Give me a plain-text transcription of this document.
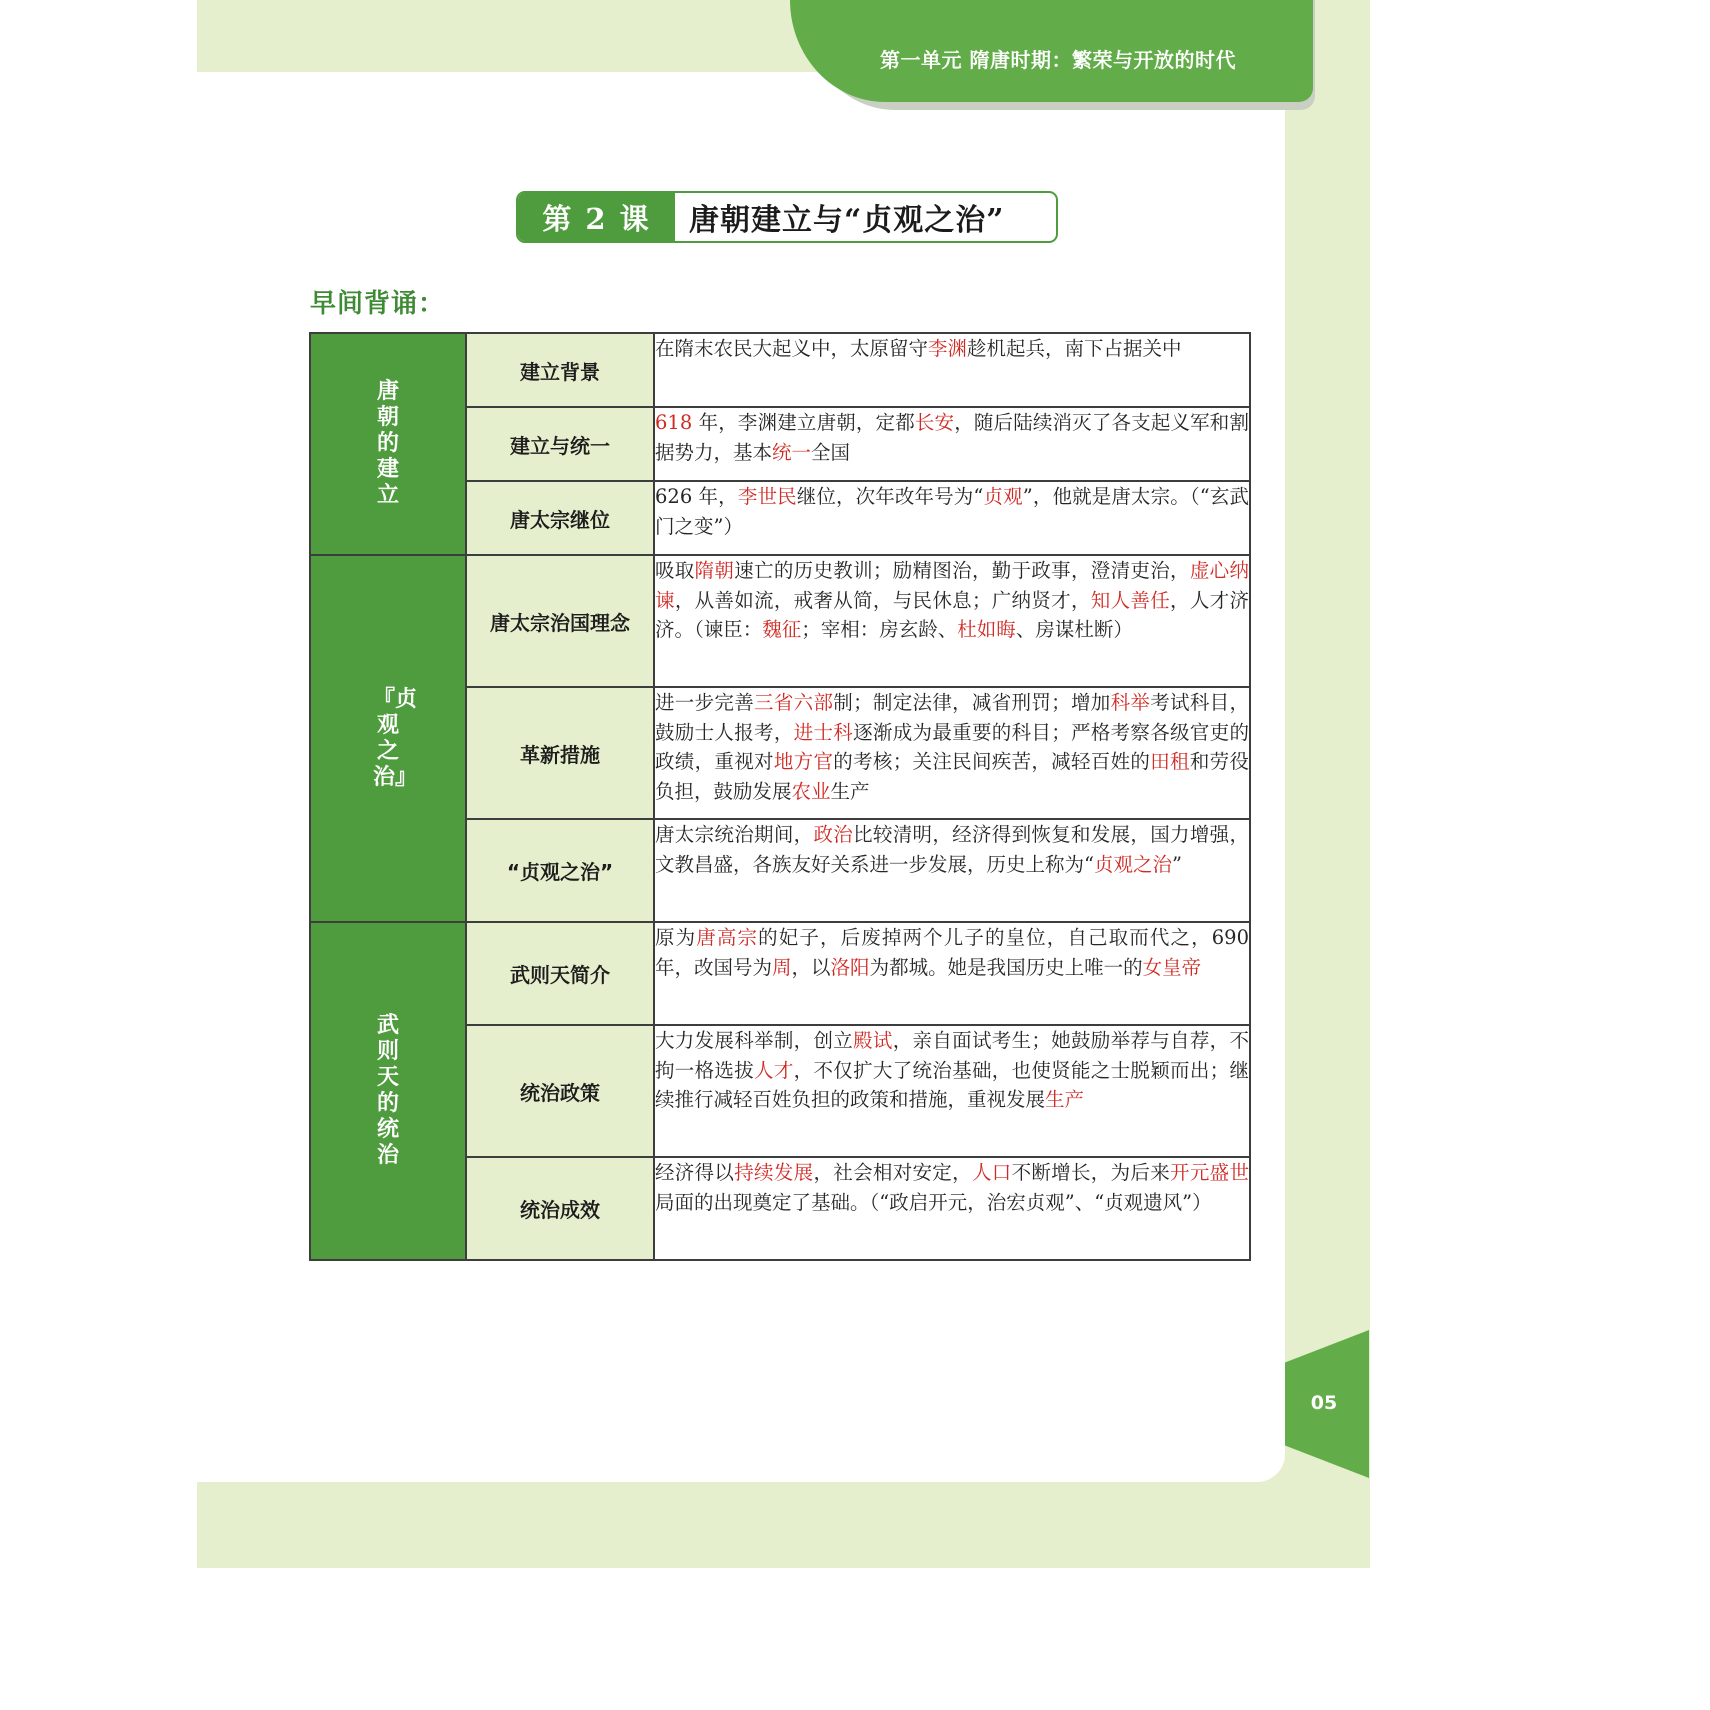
第一单元 隋唐时期：繁荣与开放的时代
第 2 课	唐朝建立与“贞观之治”
早间背诵：
唐朝的建立	建立背景	在隋末农民大起义中，太原留守李渊趁机起兵，南下占据关中
	建立与统一	618 年，李渊建立唐朝，定都长安，随后陆续消灭了各支起义军和割据势力，基本统一全国
	唐太宗继位	626 年，李世民继位，次年改年号为“贞观”，他就是唐太宗。（“玄武门之变”）
『贞观之治』	唐太宗治国理念	吸取隋朝速亡的历史教训；励精图治，勤于政事，澄清吏治，虚心纳谏，从善如流，戒奢从简，与民休息；广纳贤才，知人善任，人才济济。（谏臣：魏征；宰相：房玄龄、杜如晦、房谋杜断）
	革新措施	进一步完善三省六部制；制定法律，减省刑罚；增加科举考试科目，鼓励士人报考，进士科逐渐成为最重要的科目；严格考察各级官吏的政绩，重视对地方官的考核；关注民间疾苦，减轻百姓的田租和劳役负担，鼓励发展农业生产
	“贞观之治”	唐太宗统治期间，政治比较清明，经济得到恢复和发展，国力增强，文教昌盛，各族友好关系进一步发展，历史上称为“贞观之治”
武则天的统治	武则天简介	原为唐高宗的妃子，后废掉两个儿子的皇位，自己取而代之，690 年，改国号为周，以洛阳为都城。她是我国历史上唯一的女皇帝
	统治政策	大力发展科举制，创立殿试，亲自面试考生；她鼓励举荐与自荐，不拘一格选拔人才，不仅扩大了统治基础，也使贤能之士脱颖而出；继续推行减轻百姓负担的政策和措施，重视发展生产
	统治成效	经济得以持续发展，社会相对安定，人口不断增长，为后来开元盛世局面的出现奠定了基础。（“政启开元，治宏贞观”、“贞观遗风”）
05
